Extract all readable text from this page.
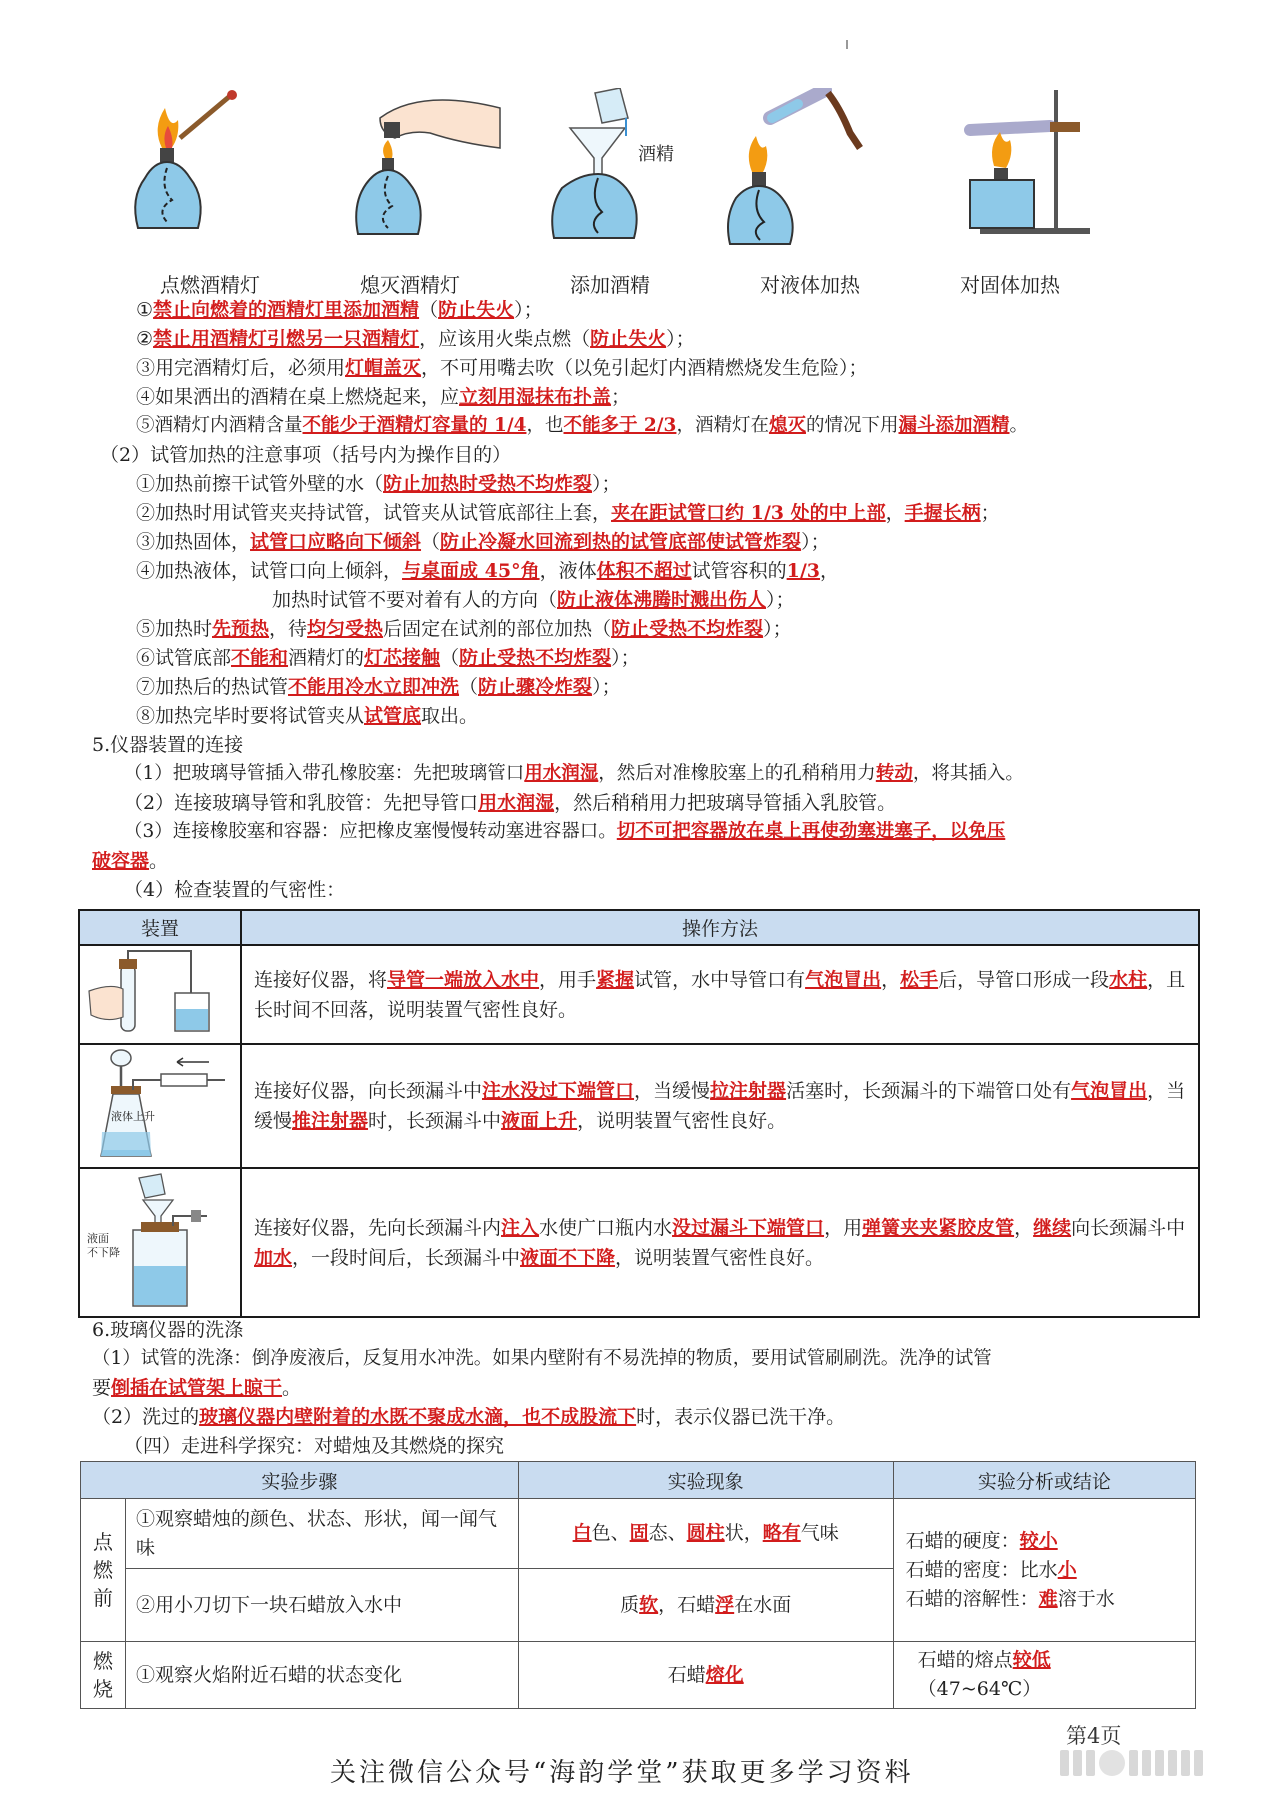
点燃酒精灯	熄灭酒精灯
酒精
添加酒精	对液体加热	对固体加热
①禁止向燃着的酒精灯里添加酒精（防止失火）；
②禁止用酒精灯引燃另一只酒精灯，应该用火柴点燃（防止失火）；
③用完酒精灯后，必须用灯帽盖灭，不可用嘴去吹（以免引起灯内酒精燃烧发生危险）；
④如果洒出的酒精在桌上燃烧起来，应立刻用湿抹布扑盖；
⑤酒精灯内酒精含量不能少于酒精灯容量的 1/4，也不能多于 2/3，酒精灯在熄灭的情况下用漏斗添加酒精。
（2）试管加热的注意事项（括号内为操作目的）
①加热前擦干试管外壁的水（防止加热时受热不均炸裂）；
②加热时用试管夹夹持试管，试管夹从试管底部往上套，夹在距试管口约 1/3 处的中上部，手握长柄；
③加热固体，试管口应略向下倾斜（防止冷凝水回流到热的试管底部使试管炸裂）；
④加热液体，试管口向上倾斜，与桌面成 45°角，液体体积不超过试管容积的1/3，
加热时试管不要对着有人的方向（防止液体沸腾时溅出伤人）；
⑤加热时先预热，待均匀受热后固定在试剂的部位加热（防止受热不均炸裂）；
⑥试管底部不能和酒精灯的灯芯接触（防止受热不均炸裂）；
⑦加热后的热试管不能用冷水立即冲洗（防止骤冷炸裂）；
⑧加热完毕时要将试管夹从试管底取出。
5.仪器装置的连接
（1）把玻璃导管插入带孔橡胶塞：先把玻璃管口用水润湿，然后对准橡胶塞上的孔稍稍用力转动，将其插入。
（2）连接玻璃导管和乳胶管：先把导管口用水润湿，然后稍稍用力把玻璃导管插入乳胶管。
（3）连接橡胶塞和容器：应把橡皮塞慢慢转动塞进容器口。切不可把容器放在桌上再使劲塞进塞子，以免压
破容器。
（4）检查装置的气密性：
装置	操作方法
	连接好仪器，将导管一端放入水中，用手紧握试管，水中导管口有气泡冒出，松手后，导管口形成一段水柱，且长时间不回落，说明装置气密性良好。

液体上升	连接好仪器，向长颈漏斗中注水没过下端管口，当缓慢拉注射器活塞时，长颈漏斗的下端管口处有气泡冒出，当缓慢推注射器时，长颈漏斗中液面上升，说明装置气密性良好。

液面
不下降	连接好仪器，先向长颈漏斗内注入水使广口瓶内水没过漏斗下端管口，用弹簧夹夹紧胶皮管，继续向长颈漏斗中加水，一段时间后，长颈漏斗中液面不下降，说明装置气密性良好。
6.玻璃仪器的洗涤
（1）试管的洗涤：倒净废液后，反复用水冲洗。如果内壁附有不易洗掉的物质，要用试管刷刷洗。洗净的试管
要倒插在试管架上晾干。
（2）洗过的玻璃仪器内壁附着的水既不聚成水滴，也不成股流下时，表示仪器已洗干净。
（四）走进科学探究：对蜡烛及其燃烧的探究
实验步骤		实验现象	实验分析或结论

点燃前	①观察蜡烛的颜色、状态、形状，闻一闻气味	白色、固态、圆柱状，略有气味	石蜡的硬度：较小
石蜡的密度：比水小
石蜡的溶解性：难溶于水

	②用小刀切下一块石蜡放入水中	质软，石蜡浮在水面	

燃烧	①观察火焰附近石蜡的状态变化	石蜡熔化	石蜡的熔点较低（47~64℃）
第4页
关注微信公众号“海韵学堂”获取更多学习资料
